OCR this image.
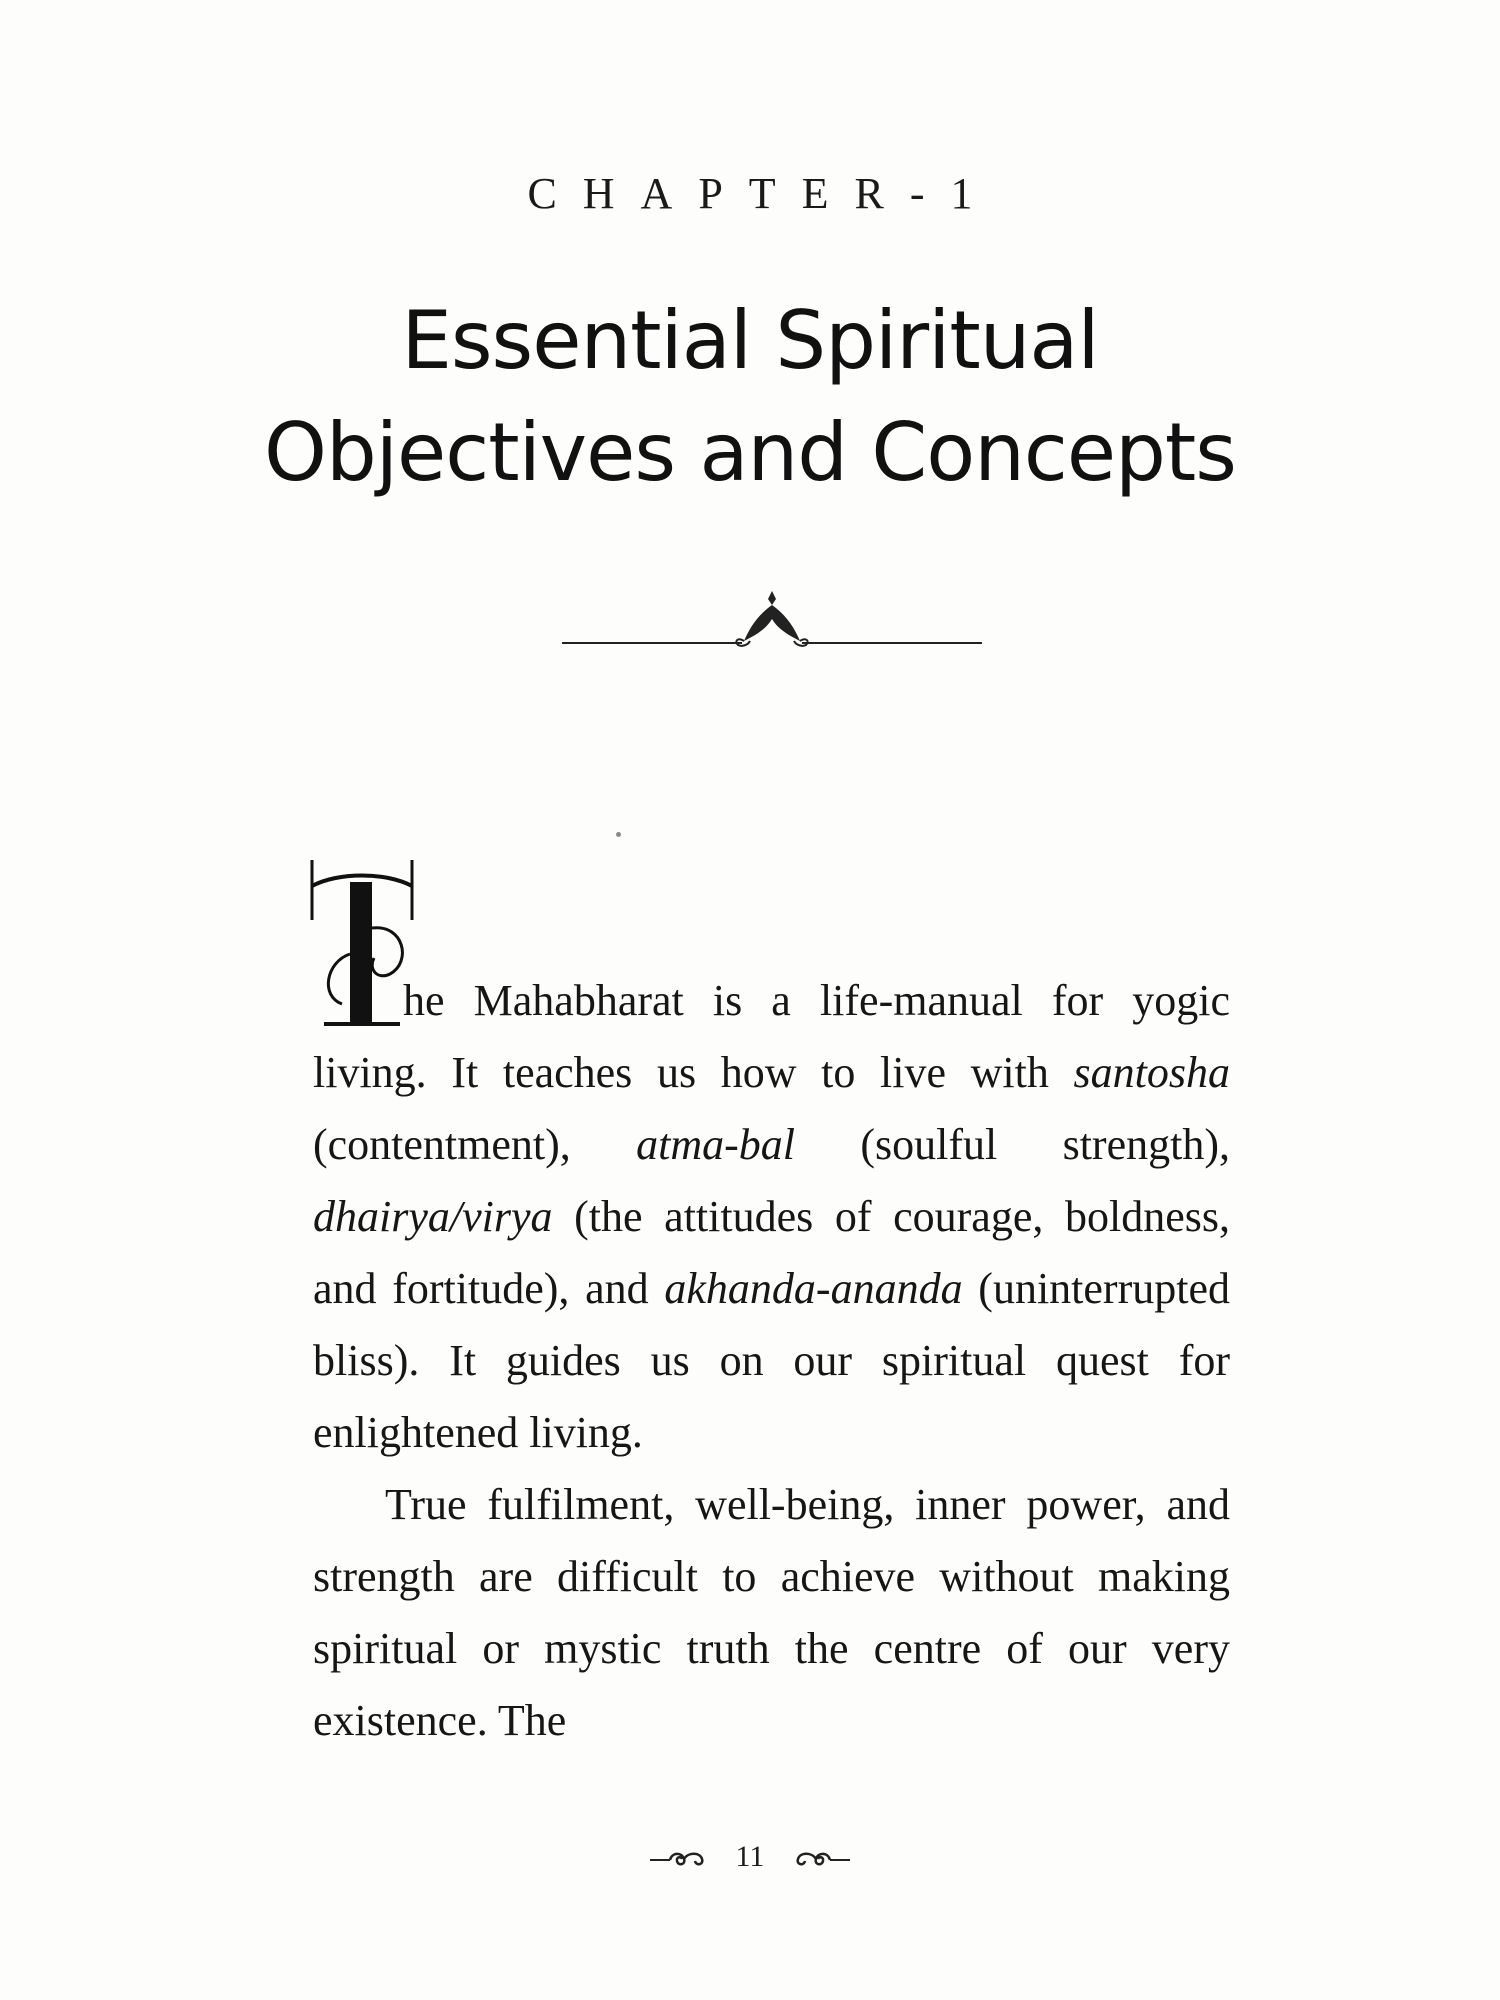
CHAPTER-1
Essential Spiritual
Objectives and Concepts
T he Mahabharat is a life-manual for yogic living. It teaches us how to live with santosha (contentment), atma-bal (soulful strength), dhairya/virya (the attitudes of courage, boldness, and fortitude), and akhanda-ananda (uninterrupted bliss). It guides us on our spiritual quest for enlightened living.

True fulfilment, well-being, inner power, and strength are difficult to achieve without making spiritual or mystic truth the centre of our very existence. The

11
